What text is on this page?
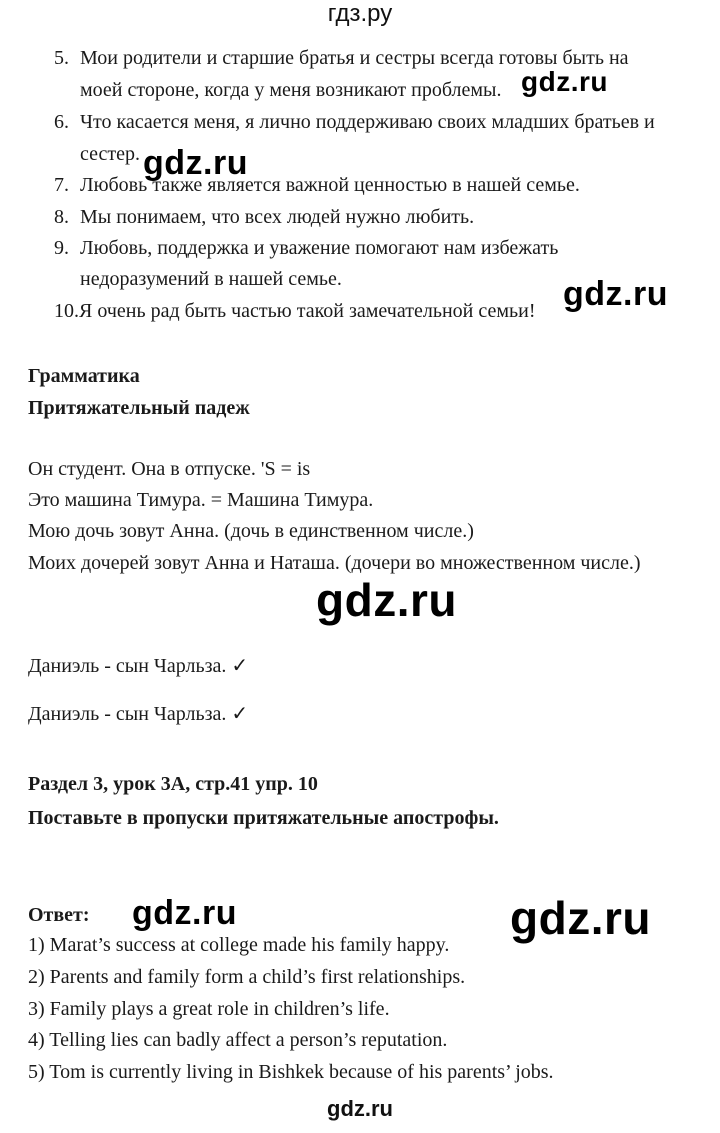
гдз.ру
5. Мои родители и старшие братья и сестры всегда готовы быть на
моей стороне, когда у меня возникают проблемы.
6. Что касается меня, я лично поддерживаю своих младших братьев и
сестер.
7. Любовь также является важной ценностью в нашей семье.
8. Мы понимаем, что всех людей нужно любить.
9. Любовь, поддержка и уважение помогают нам избежать
недоразумений в нашей семье.
10.Я очень рад быть частью такой замечательной семьи!
Грамматика
Притяжательный падеж
Он студент. Она в отпуске. 'S = is
Это машина Тимура. = Машина Тимура.
Мою дочь зовут Анна. (дочь в единственном числе.)
Моих дочерей зовут Анна и Наташа. (дочери во множественном числе.)
Даниэль - сын Чарльза. ✓
Даниэль - сын Чарльза. ✓
Раздел 3, урок 3А, стр.41 упр. 10
Поставьте в пропуски притяжательные апострофы.
Ответ:
1) Marat’s success at college made his family happy.
2) Parents and family form a child’s first relationships.
3) Family plays a great role in children’s life.
4) Telling lies can badly affect a person’s reputation.
5) Tom is currently living in Bishkek because of his parents’ jobs.
gdz.ru
gdz.ru
gdz.ru
gdz.ru
gdz.ru	gdz.ru
gdz.ru
